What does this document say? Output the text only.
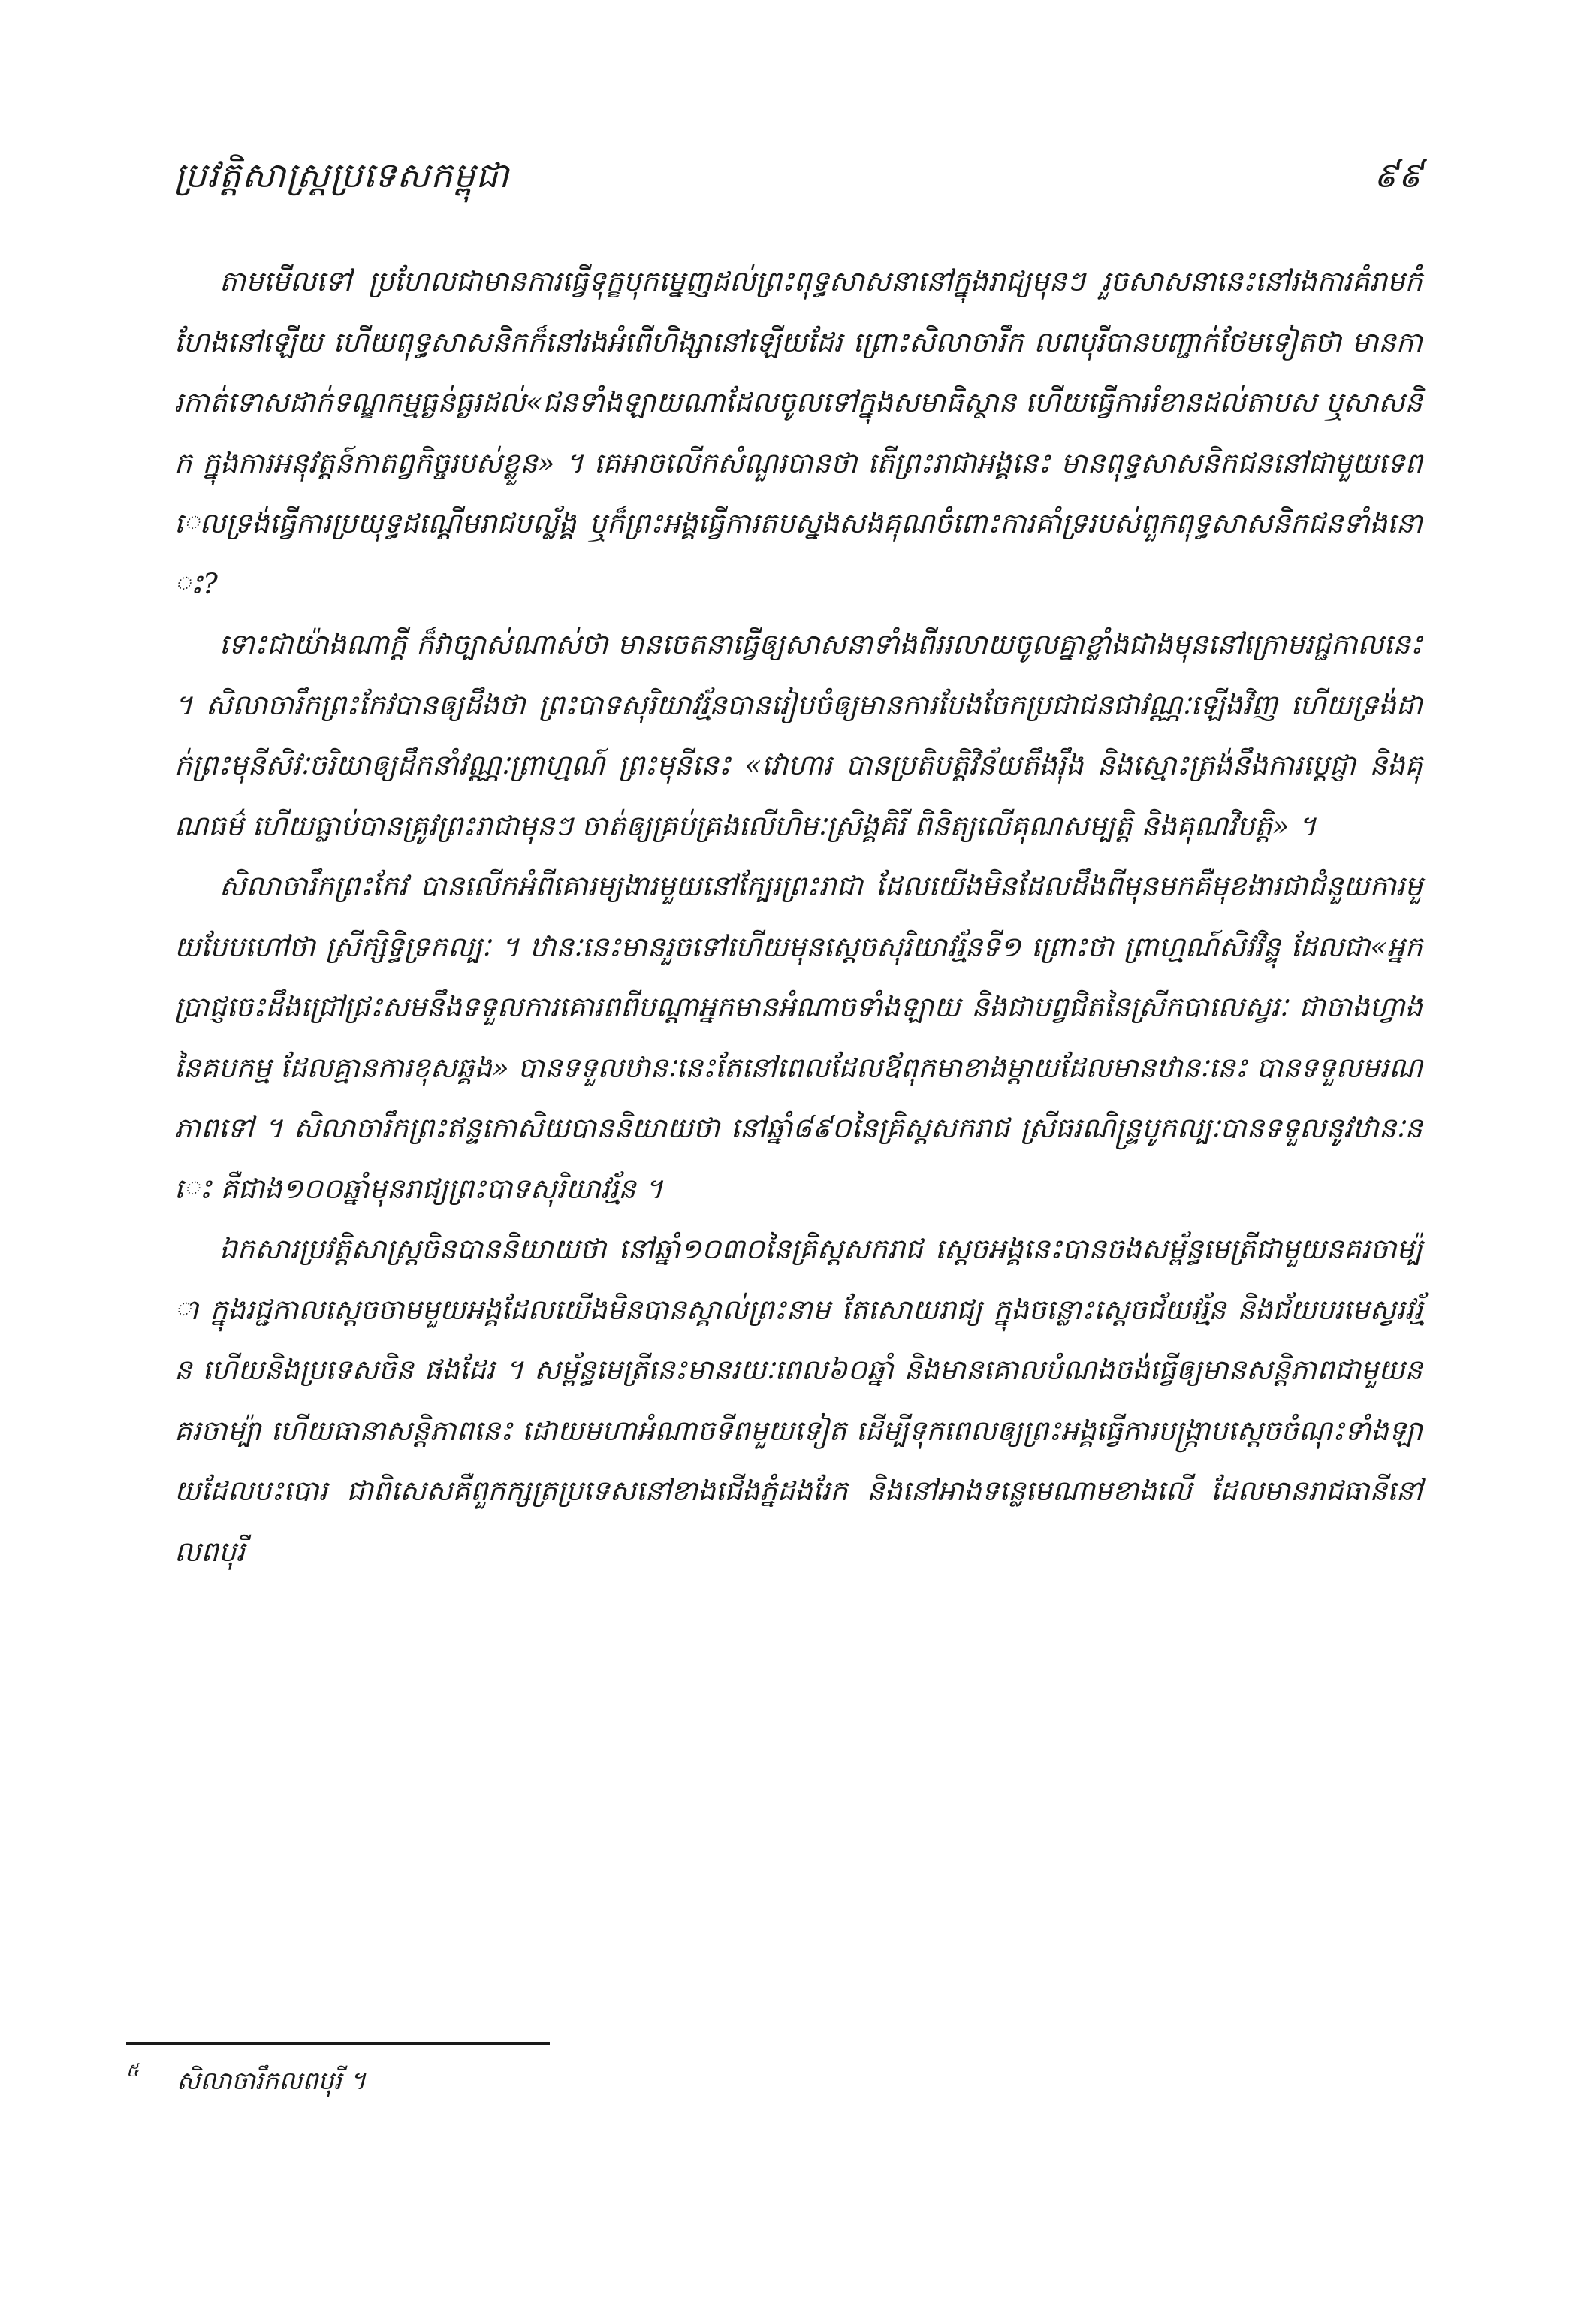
ប្រវត្តិសាស្ត្រប្រទេសកម្ពុជា	៩៩

តាមមើលទៅ ប្រហែលជាមានការធ្វើទុក្ខបុកម្នេញដល់ព្រះពុទ្ធសាសនានៅក្នុងរាជ្យមុនៗ រួចសាសនានេះនៅរងការគំរាមកំហែងនៅឡើយ ហើយពុទ្ធសាសនិកក៏នៅរងអំពើហិង្សានៅឡើយដែរ ព្រោះសិលាចារឹក លពបុរីបានបញ្ជាក់ថែមទៀតថា មានការកាត់ទោសដាក់ទណ្ឌកម្មធ្ងន់ធ្ងរដល់«ជនទាំងឡាយណាដែលចូលទៅក្នុងសមាធិស្ថាន ហើយធ្វើការរំខានដល់តាបស ឬសាសនិក ក្នុងការអនុវត្តន៍កាតព្វកិច្ចរបស់ខ្លួន» ។ គេអាចលើកសំណួរបានថា តើព្រះរាជាអង្គនេះ មានពុទ្ធសាសនិកជននៅជាមួយទេពេលទ្រង់ធ្វើការប្រយុទ្ធដណ្តើមរាជបល្ល័ង្គ ឬក៏ព្រះអង្គធ្វើការតបស្នងសងគុណចំពោះការគាំទ្ររបស់ពួកពុទ្ធសាសនិកជនទាំងនោះ?

ទោះជាយ៉ាងណាក្តី ក៏វាច្បាស់ណាស់ថា មានចេតនាធ្វើឲ្យសាសនាទាំងពីររលាយចូលគ្នាខ្លាំងជាងមុននៅក្រោមរជ្ជកាលនេះ ។ សិលាចារឹកព្រះកែវបានឲ្យដឹងថា ព្រះបាទសុរិយាវរ្ម័នបានរៀបចំឲ្យមានការបែងចែកប្រជាជនជាវណ្ណៈឡើងវិញ ហើយទ្រង់ដាក់ព្រះមុនីសិវៈចរិយាឲ្យដឹកនាំវណ្ណៈព្រាហ្មណ៍ ព្រះមុនីនេះ «វោហារ បានប្រតិបត្តិវិន័យតឹងរ៉ឹង និងស្មោះត្រង់នឹងការប្តេជ្ញា និងគុណធម៌ ហើយធ្លាប់បានគ្រូវព្រះរាជាមុនៗ ចាត់ឲ្យគ្រប់គ្រងលើហិមៈស្រិង្គគិរី ពិនិត្យលើគុណសម្បត្តិ និងគុណវិបត្តិ» ។

សិលាចារឹកព្រះកែវ បានលើកអំពីគោរម្យងារមួយនៅក្បែរព្រះរាជា ដែលយើងមិនដែលដឹងពីមុនមកគឺមុខងារជាជំនួយការមួយបែបហៅថា ស្រីក្សិទ្ធិទ្រកល្បៈ ។ ឋានៈនេះមានរួចទៅហើយមុនស្តេចសុរិយាវរ្ម័នទី១ ព្រោះថា ព្រាហ្មណ៍សិវវិន្ទុ ដែលជា«អ្នកប្រាជ្ញចេះដឹងជ្រៅជ្រះសមនឹងទទួលការគោរពពីបណ្តាអ្នកមានអំណាចទាំងឡាយ និងជាបព្វជិតនៃស្រីកបាលេស្វរៈ ជាចាងហ្វាងនៃគបកម្ម ដែលគ្មានការខុសឆ្គង» បានទទួលឋានៈនេះតែនៅពេលដែលឪពុកមាខាងម្តាយដែលមានឋានៈនេះ បានទទួលមរណភាពទៅ ។ សិលាចារឹកព្រះឥន្ទកោសិយបាននិយាយថា នៅឆ្នាំ៨៩០នៃគ្រិស្តសករាជ ស្រីធរណិន្ទ្របូកល្បៈបានទទួលនូវឋានៈនេះ គឺជាង១០០ឆ្នាំមុនរាជ្យព្រះបាទសុរិយាវរ្ម័ន ។

ឯកសារប្រវត្តិសាស្ត្រចិនបាននិយាយថា នៅឆ្នាំ១០៣០នៃគ្រិស្តសករាជ ស្តេចអង្គនេះបានចងសម្ព័ន្ធមេត្រីជាមួយនគរចាម្ប៉ា ក្នុងរជ្ជកាលស្តេចចាមមួយអង្គដែលយើងមិនបានស្គាល់ព្រះនាម តែសោយរាជ្យ ក្នុងចន្លោះស្តេចជ័យវរ្ម័ន និងជ័យបរមេស្វរវរ្ម័ន ហើយនិងប្រទេសចិន ផងដែរ ។ សម្ព័ន្ធមេត្រីនេះមានរយៈពេល៦០ឆ្នាំ និងមានគោលបំណងចង់ធ្វើឲ្យមានសន្តិភាពជាមួយនគរចាម្ប៉ា ហើយធានាសន្តិភាពនេះ ដោយមហាអំណាចទីពមួយទៀត ដើម្បីទុកពេលឲ្យព្រះអង្គធ្វើការបង្ក្រាបស្តេចចំណុះទាំងឡាយដែលបះបោរ ជាពិសេសគឺពួកក្សត្រប្រទេសនៅខាងជើងភ្នំដងរែក និងនៅអាងទន្លេមេណាមខាងលើ ដែលមានរាជធានីនៅ លពបុរី

៥ សិលាចារឹកលពបុរី ។
